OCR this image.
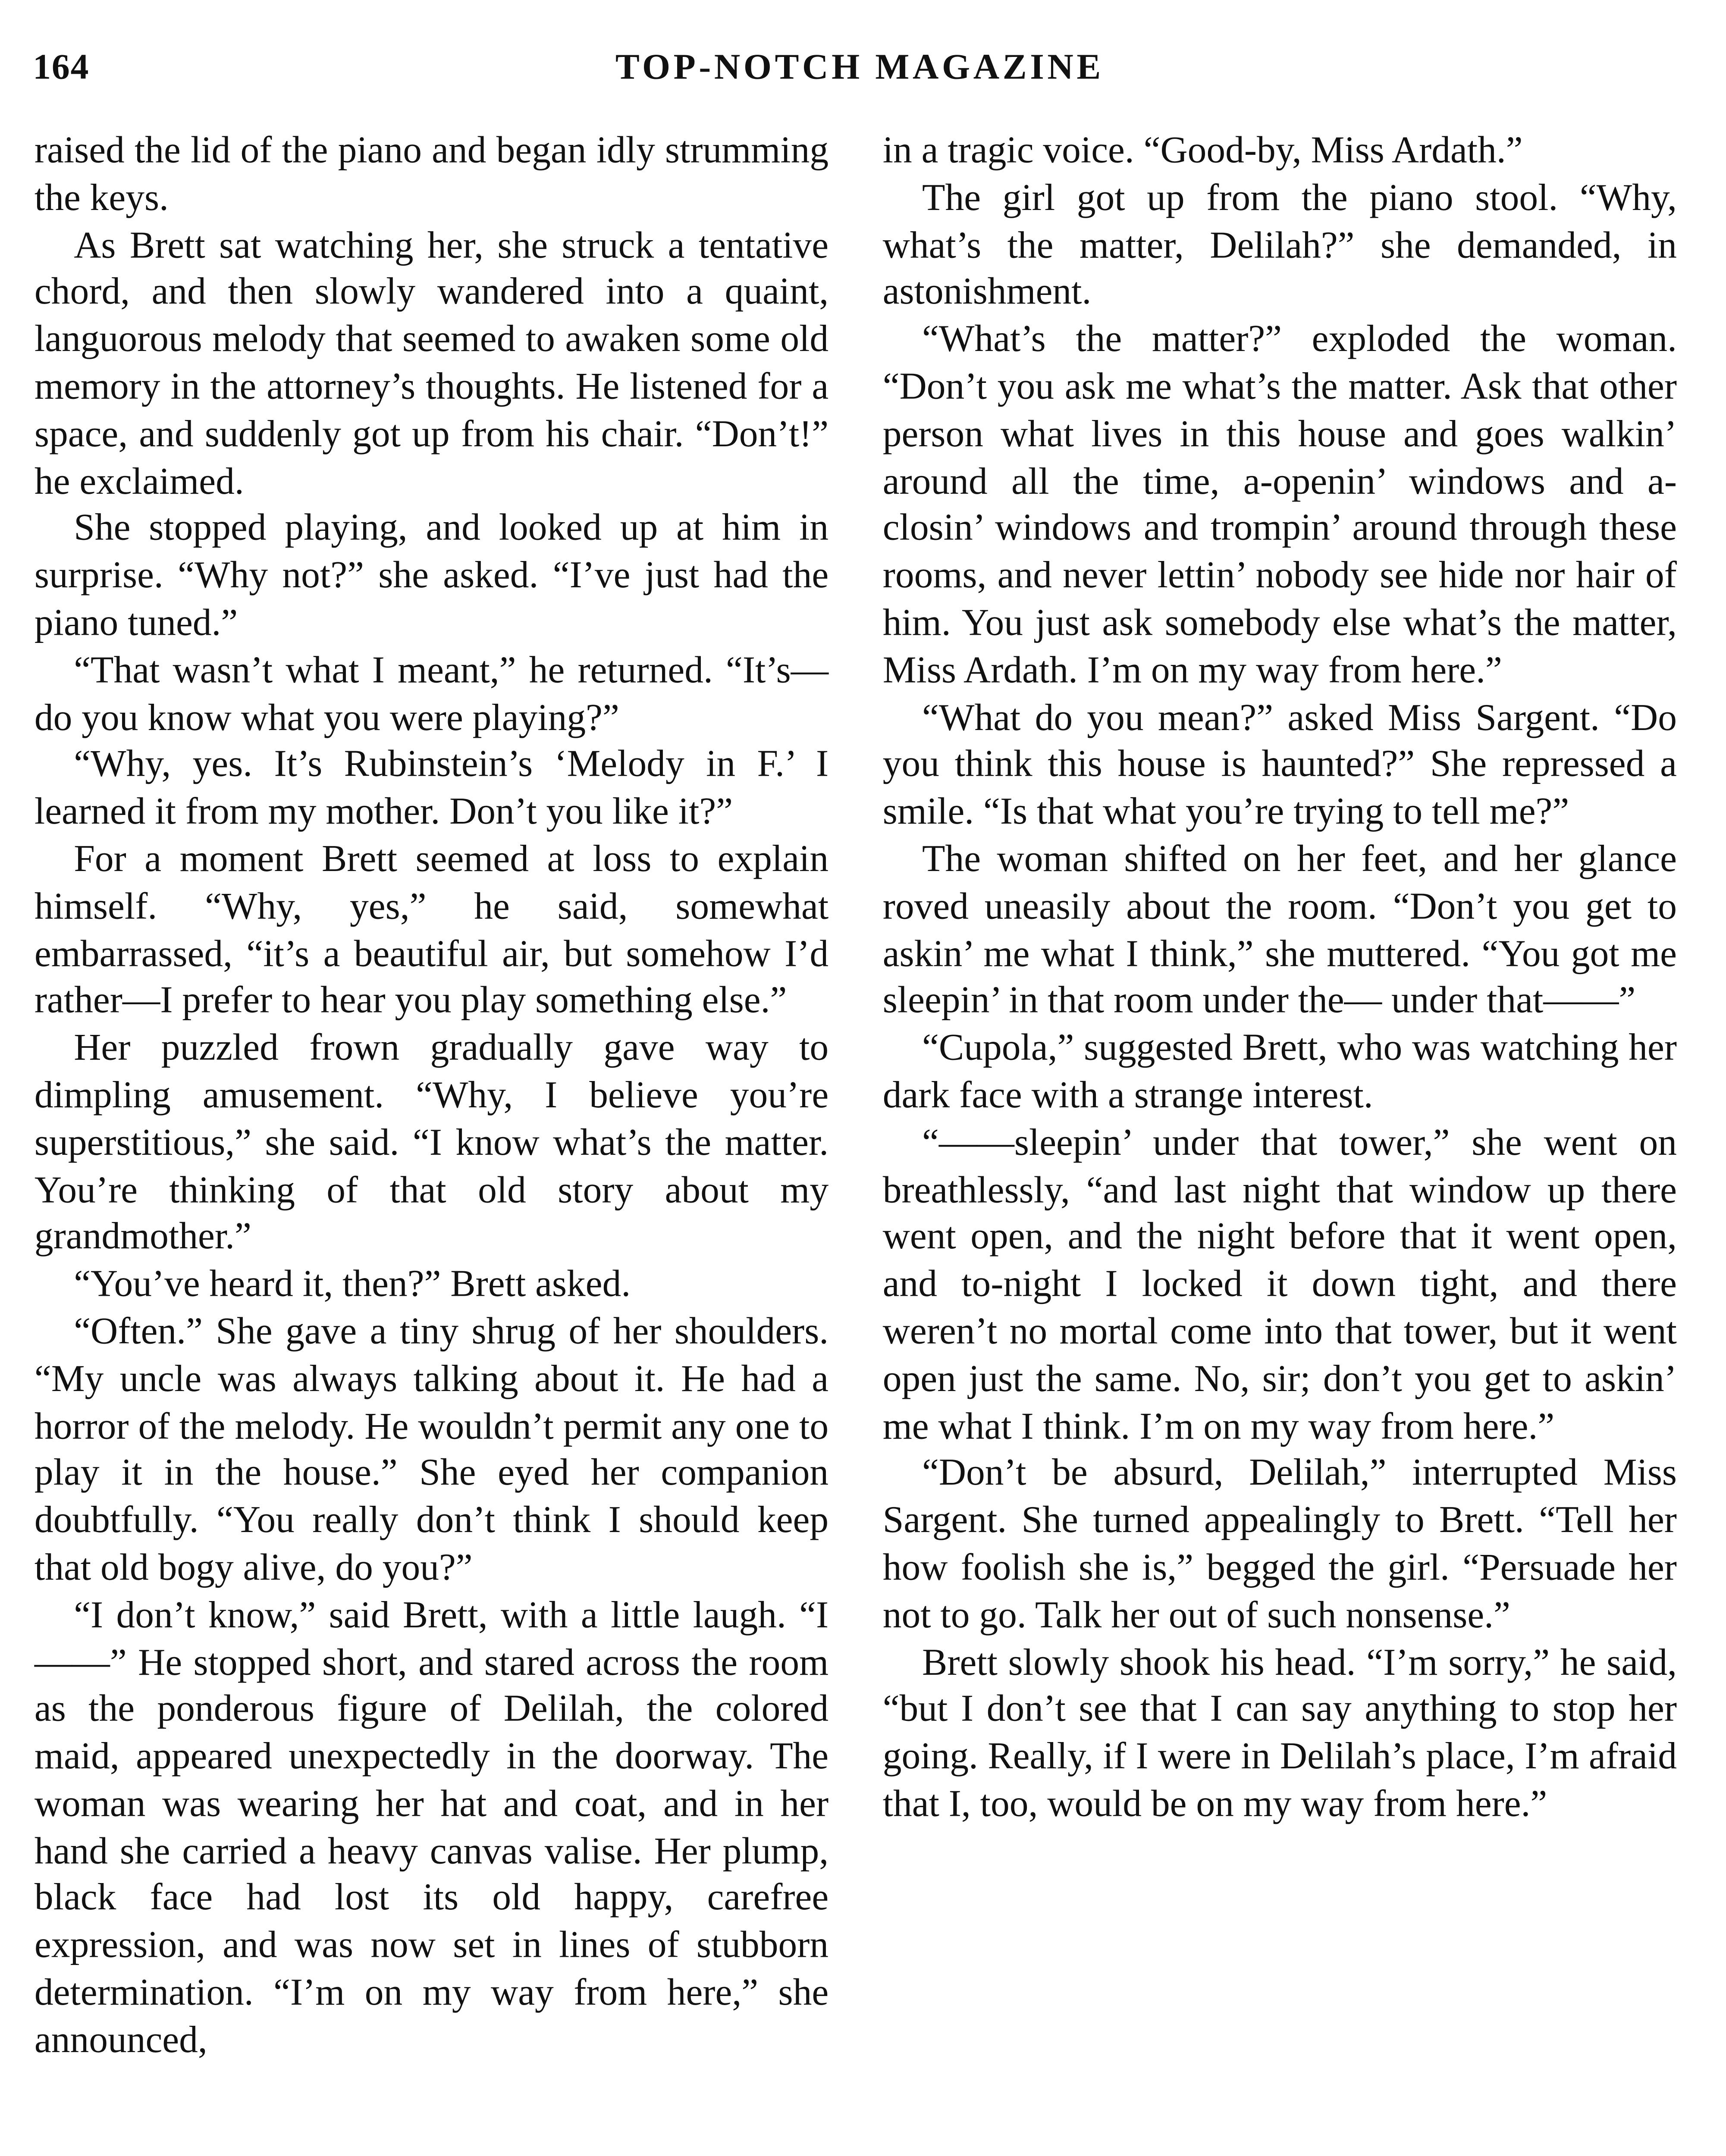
164	TOP-NOTCH MAGAZINE

raised the lid of the piano and began idly strumming the keys.

As Brett sat watching her, she struck a tentative chord, and then slowly wandered into a quaint, languorous melody that seemed to awaken some old memory in the attorney’s thoughts. He listened for a space, and suddenly got up from his chair. “Don’t!” he exclaimed.

She stopped playing, and looked up at him in surprise. “Why not?” she asked. “I’ve just had the piano tuned.”

“That wasn’t what I meant,” he returned. “It’s—do you know what you were playing?”

“Why, yes. It’s Rubinstein’s ‘Melody in F.’ I learned it from my mother. Don’t you like it?”

For a moment Brett seemed at loss to explain himself. “Why, yes,” he said, somewhat embarrassed, “it’s a beautiful air, but somehow I’d rather—I prefer to hear you play something else.”

Her puzzled frown gradually gave way to dimpling amusement. “Why, I believe you’re superstitious,” she said. “I know what’s the matter. You’re thinking of that old story about my grandmother.”

“You’ve heard it, then?” Brett asked.

“Often.” She gave a tiny shrug of her shoulders. “My uncle was always talking about it. He had a horror of the melody. He wouldn’t permit any one to play it in the house.” She eyed her companion doubtfully. “You really don’t think I should keep that old bogy alive, do you?”

“I don’t know,” said Brett, with a little laugh. “I——” He stopped short, and stared across the room as the ponderous figure of Delilah, the colored maid, appeared unexpectedly in the doorway. The woman was wearing her hat and coat, and in her hand she carried a heavy canvas valise. Her plump, black face had lost its old happy, carefree expression, and was now set in lines of stubborn determination. “I’m on my way from here,” she announced,

in a tragic voice. “Good-by, Miss Ardath.”

The girl got up from the piano stool. “Why, what’s the matter, Delilah?” she demanded, in astonishment.

“What’s the matter?” exploded the woman. “Don’t you ask me what’s the matter. Ask that other person what lives in this house and goes walkin’ around all the time, a-openin’ windows and a-closin’ windows and trompin’ around through these rooms, and never lettin’ nobody see hide nor hair of him. You just ask somebody else what’s the matter, Miss Ardath. I’m on my way from here.”

“What do you mean?” asked Miss Sargent. “Do you think this house is haunted?” She repressed a smile. “Is that what you’re trying to tell me?”

The woman shifted on her feet, and her glance roved uneasily about the room. “Don’t you get to askin’ me what I think,” she muttered. “You got me sleepin’ in that room under the— under that——”

“Cupola,” suggested Brett, who was watching her dark face with a strange interest.

“——sleepin’ under that tower,” she went on breathlessly, “and last night that window up there went open, and the night before that it went open, and to-night I locked it down tight, and there weren’t no mortal come into that tower, but it went open just the same. No, sir; don’t you get to askin’ me what I think. I’m on my way from here.”

“Don’t be absurd, Delilah,” interrupted Miss Sargent. She turned appealingly to Brett. “Tell her how foolish she is,” begged the girl. “Persuade her not to go. Talk her out of such nonsense.”

Brett slowly shook his head. “I’m sorry,” he said, “but I don’t see that I can say anything to stop her going. Really, if I were in Delilah’s place, I’m afraid that I, too, would be on my way from here.”
